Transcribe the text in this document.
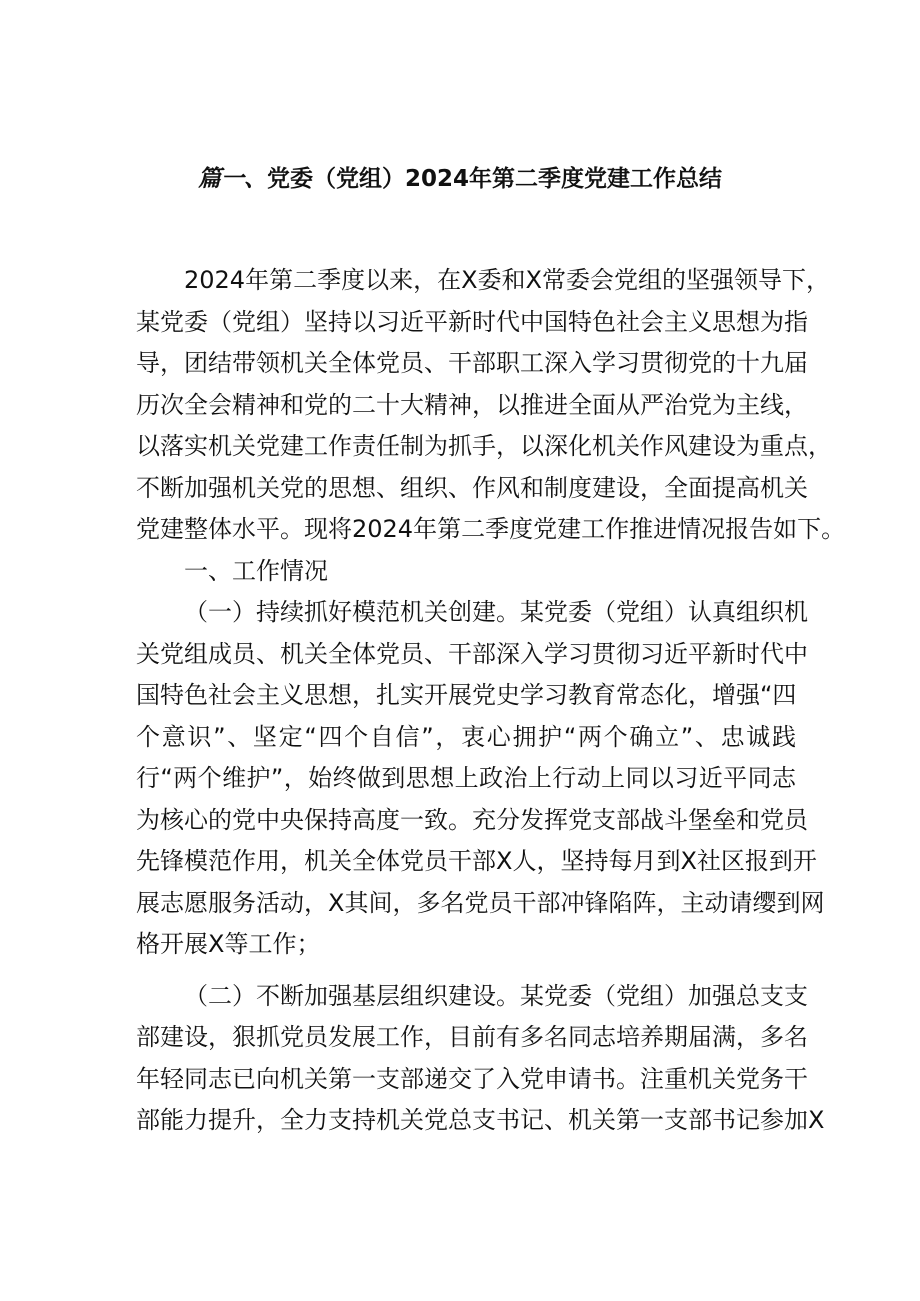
篇一、党委（党组）2024年第二季度党建工作总结
2024年第二季度以来，在X委和X常委会党组的坚强领导下，
某党委（党组）坚持以习近平新时代中国特色社会主义思想为指
导，团结带领机关全体党员、干部职工深入学习贯彻党的十九届
历次全会精神和党的二十大精神，以推进全面从严治党为主线，
以落实机关党建工作责任制为抓手，以深化机关作风建设为重点，
不断加强机关党的思想、组织、作风和制度建设，全面提高机关
党建整体水平。现将2024年第二季度党建工作推进情况报告如下。
一、工作情况
（一）持续抓好模范机关创建。某党委（党组）认真组织机
关党组成员、机关全体党员、干部深入学习贯彻习近平新时代中
国特色社会主义思想，扎实开展党史学习教育常态化，增强“四
个意识”、坚定“四个自信”，衷心拥护“两个确立”、忠诚践
行“两个维护”，始终做到思想上政治上行动上同以习近平同志
为核心的党中央保持高度一致。充分发挥党支部战斗堡垒和党员
先锋模范作用，机关全体党员干部X人，坚持每月到X社区报到开
展志愿服务活动，X其间，多名党员干部冲锋陷阵，主动请缨到网
格开展X等工作；
（二）不断加强基层组织建设。某党委（党组）加强总支支
部建设，狠抓党员发展工作，目前有多名同志培养期届满，多名
年轻同志已向机关第一支部递交了入党申请书。注重机关党务干
部能力提升，全力支持机关党总支书记、机关第一支部书记参加X
